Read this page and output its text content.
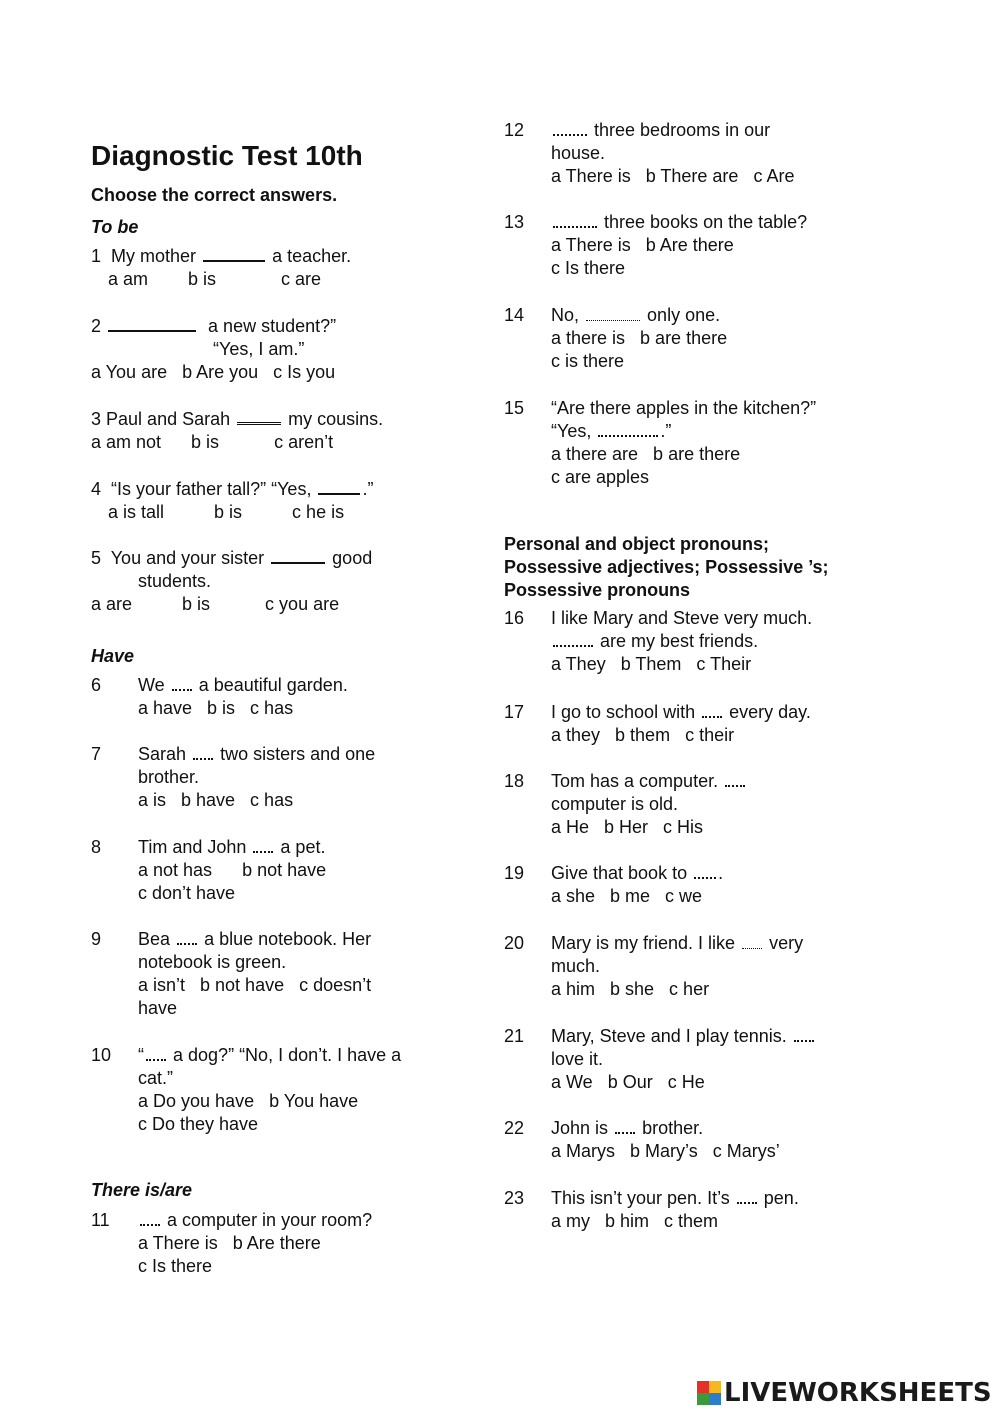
Diagnostic Test 10th

Choose the correct answers.

To be

1 My mother	a teacher.
a am        b is             c are
2	a new student?”
“Yes, I am.”
a You are   b Are you   c Is you
3 Paul and Sarah	my cousins.
a am not      b is           c aren’t
4 “Is your father tall?” “Yes,	.”
a is tall          b is          c he is
5 You and your sister	good
students.
a are          b is           c you are

Have

6 We a beautiful garden.
a have   b is   c has
7 Sarah two sisters and one
brother.
a is   b have   c has
8 Tim and John a pet.
a not has      b not have
c don’t have
9 Bea a blue notebook. Her
notebook is green.
a isn’t   b not have   c doesn’t
have
10 “ a dog?” “No, I don’t. I have a
cat.”
a Do you have   b You have
c Do they have

There is/are

11	a computer in your room?
a There is   b Are there
c Is there
12	three bedrooms in our
house.
a There is   b There are   c Are
13	three books on the table?
a There is   b Are there
c Is there
14 No,	only one.
a there is   b are there
c is there
15 “Are there apples in the kitchen?”
“Yes,	.”
a there are   b are there
c are apples
Personal and object pronouns;
Possessive adjectives; Possessive ’s;
Possessive pronouns
16 I like Mary and Steve very much.
are my best friends.
a They   b Them   c Their
17 I go to school with every day.
a they   b them   c their
18 Tom has a computer.
computer is old.
a He   b Her   c His
19 Give that book to .
a she   b me   c we
20 Mary is my friend. I like very
much.
a him   b she   c her
21 Mary, Steve and I play tennis.
love it.
a We   b Our   c He
22 John is brother.
a Marys   b Mary’s   c Marys’
23 This isn’t your pen. It’s pen.
a my   b him   c them
LIVEWORKSHEETS
